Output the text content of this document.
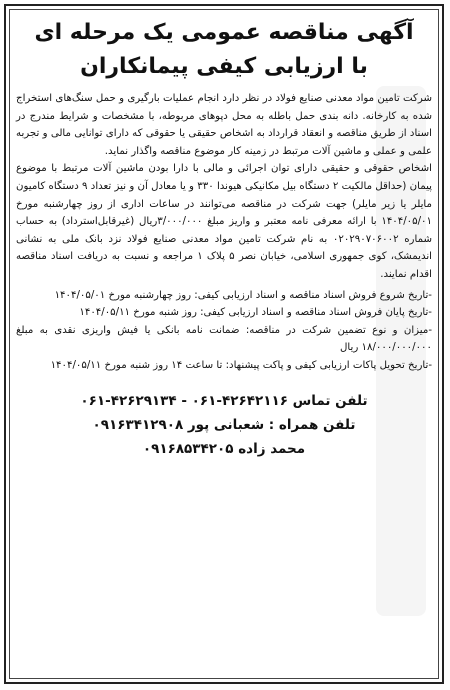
آگهی مناقصه عمومی یک مرحله ای
با ارزیابی کیفی پیمانکاران

شرکت تامین مواد معدنی صنایع فولاد در نظر دارد انجام عملیات بارگیری و حمل سنگ‌های استخراج شده به کارخانه. دانه بندی حمل باطله به محل دپوهای مربوطه، با مشخصات و شرایط مندرج در اسناد از طریق مناقصه و انعقاد قرارداد به اشخاص حقیقی یا حقوقی که دارای توانایی مالی و تجربه علمی و عملی و ماشین آلات مرتبط در زمینه کار موضوع مناقصه واگذار نماید.

اشخاص حقوقی و حقیقی دارای توان اجرائی و مالی با دارا بودن ماشین آلات مرتبط با موضوع پیمان (حداقل مالکیت ۲ دستگاه بیل مکانیکی هیوندا ۳۳۰ و یا معادل آن و نیز تعداد ۹ دستگاه کامیون مایلر یا زیر مایلر) جهت شرکت در مناقصه می‌توانند در ساعات اداری از روز چهارشنبه مورخ ۱۴۰۴/۰۵/۰۱ با ارائه معرفی نامه معتبر و واریز مبلغ ۳/۰۰۰/۰۰۰ریال (غیرقابل‌استرداد) به حساب شماره ۰۲۰۲۹۰۷۰۶۰۰۲ به نام شرکت تامین مواد معدنی صنایع فولاد نزد بانک ملی به نشانی اندیمشک، کوی جمهوری اسلامی، خیابان نصر ۵ پلاک ۱ مراجعه و نسبت به دریافت اسناد مناقصه اقدام نمایند.

-تاریخ شروع فروش اسناد مناقصه و اسناد ارزیابی کیفی: روز چهارشنبه مورخ ۱۴۰۴/۰۵/۰۱

-تاریخ پایان فروش اسناد مناقصه و اسناد ارزیابی کیفی: روز شنبه مورخ ۱۴۰۴/۰۵/۱۱

-میزان و نوع تضمین شرکت در مناقصه: ضمانت نامه بانکی یا فیش واریزی نقدی به مبلغ ۱۸/۰۰۰/۰۰۰/۰۰۰ ریال

-تاریخ تحویل پاکات ارزیابی کیفی و پاکت پیشنهاد: تا ساعت ۱۴ روز شنبه مورخ ۱۴۰۴/۰۵/۱۱

تلفن تماس ۴۲۶۴۲۱۱۶-۰۶۱ - ۴۲۶۲۹۱۳۴-۰۶۱

تلفن همراه : شعبانی پور ۰۹۱۶۳۴۱۲۹۰۸

محمد زاده ۰۹۱۶۸۵۳۴۲۰۵
